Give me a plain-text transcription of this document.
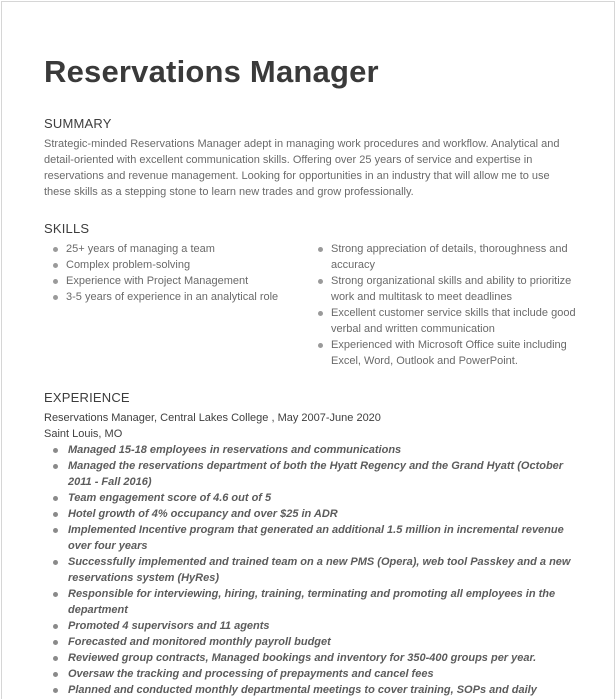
Reservations Manager
SUMMARY

Strategic-minded Reservations Manager adept in managing work procedures and workflow. Analytical and detail-oriented with excellent communication skills. Offering over 25 years of service and expertise in reservations and revenue management. Looking for opportunities in an industry that will allow me to use these skills as a stepping stone to learn new trades and grow professionally.

SKILLS
25+ years of managing a team
Complex problem-solving
Experience with Project Management
3-5 years of experience in an analytical role
Strong appreciation of details, thoroughness and accuracy
Strong organizational skills and ability to prioritize work and multitask to meet deadlines
Excellent customer service skills that include good verbal and written communication
Experienced with Microsoft Office suite including Excel, Word, Outlook and PowerPoint.
EXPERIENCE
Reservations Manager, Central Lakes College , May 2007-June 2020
Saint Louis, MO
Managed 15-18 employees in reservations and communications
Managed the reservations department of both the Hyatt Regency and the Grand Hyatt (October 2011 - Fall 2016)
Team engagement score of 4.6 out of 5
Hotel growth of 4% occupancy and over $25 in ADR
Implemented Incentive program that generated an additional 1.5 million in incremental revenue over four years
Successfully implemented and trained team on a new PMS (Opera), web tool Passkey and a new reservations system (HyRes)
Responsible for interviewing, hiring, training, terminating and promoting all employees in the department
Promoted 4 supervisors and 11 agents
Forecasted and monitored monthly payroll budget
Reviewed group contracts, Managed bookings and inventory for 350-400 groups per year.
Oversaw the tracking and processing of prepayments and cancel fees
Planned and conducted monthly departmental meetings to cover training, SOPs and daily
